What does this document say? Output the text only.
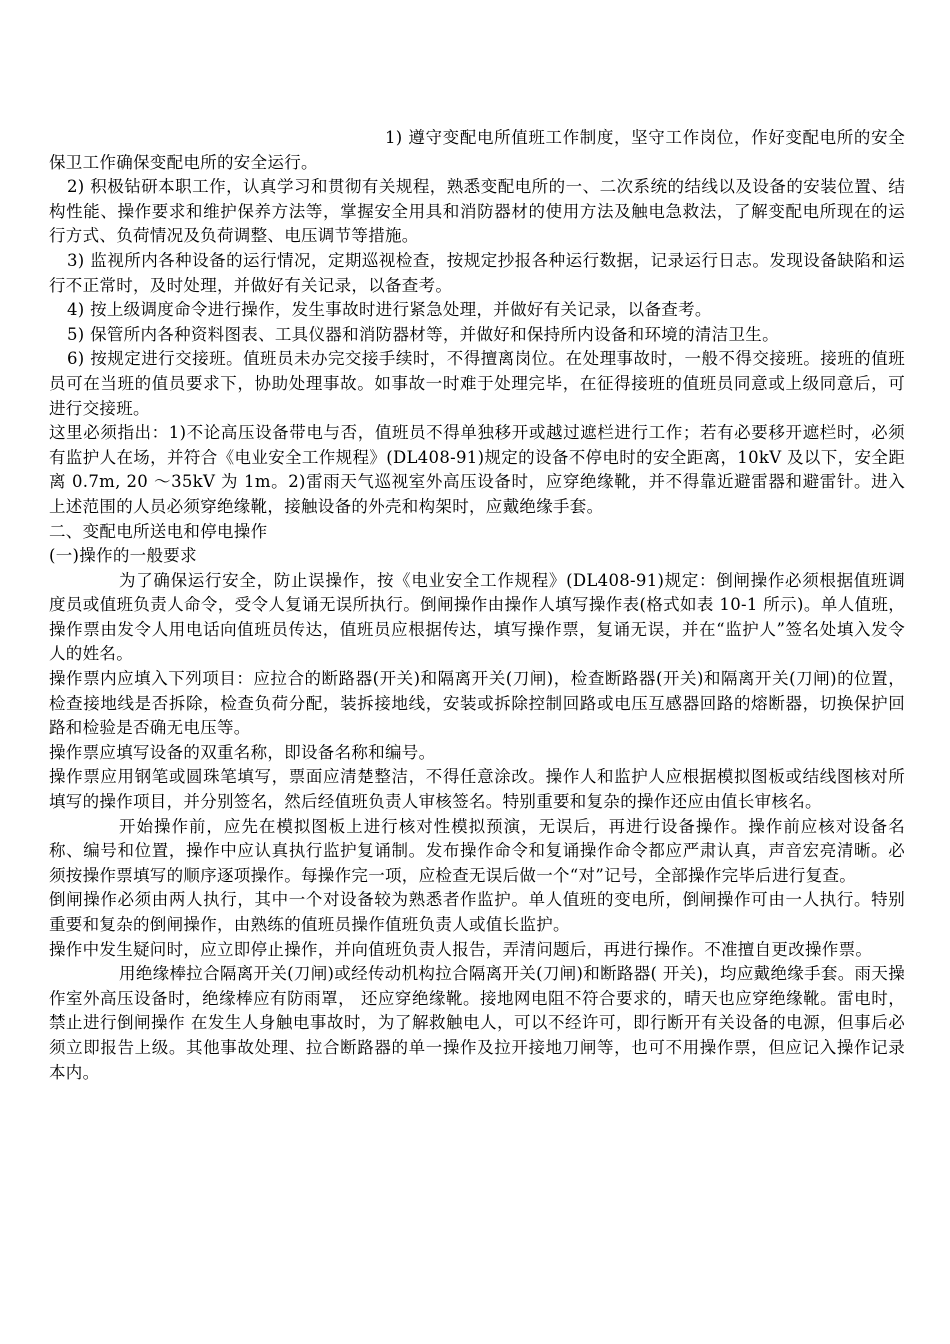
1) 遵守变配电所值班工作制度，坚守工作岗位，作好变配电所的安全保卫工作确保变配电所的安全运行。

2) 积极钻研本职工作，认真学习和贯彻有关规程，熟悉变配电所的一、二次系统的结线以及设备的安装位置、结构性能、操作要求和维护保养方法等，掌握安全用具和消防器材的使用方法及触电急救法，了解变配电所现在的运行方式、负荷情况及负荷调整、电压调节等措施。

3) 监视所内各种设备的运行情况，定期巡视检查，按规定抄报各种运行数据，记录运行日志。发现设备缺陷和运行不正常时，及时处理，并做好有关记录，以备查考。

4) 按上级调度命令进行操作，发生事故时进行紧急处理，并做好有关记录，以备查考。

5) 保管所内各种资料图表、工具仪器和消防器材等，并做好和保持所内设备和环境的清洁卫生。

6) 按规定进行交接班。值班员未办完交接手续时，不得擅离岗位。在处理事故时，一般不得交接班。接班的值班员可在当班的值员要求下，协助处理事故。如事故一时难于处理完毕，在征得接班的值班员同意或上级同意后，可进行交接班。

这里必须指出：1)不论高压设备带电与否，值班员不得单独移开或越过遮栏进行工作；若有必要移开遮栏时，必须有监护人在场，并符合《电业安全工作规程》(DL408-91)规定的设备不停电时的安全距离，10kV 及以下，安全距离 0.7m, 20 ～35kV 为 1m。2)雷雨天气巡视室外高压设备时，应穿绝缘靴，并不得靠近避雷器和避雷针。进入上述范围的人员必须穿绝缘靴，接触设备的外壳和构架时，应戴绝缘手套。

二、变配电所送电和停电操作

(一)操作的一般要求

为了确保运行安全，防止误操作，按《电业安全工作规程》(DL408-91)规定：倒闸操作必须根据值班调度员或值班负责人命令，受令人复诵无误所执行。倒闸操作由操作人填写操作表(格式如表 10-1 所示)。单人值班，操作票由发令人用电话向值班员传达，值班员应根据传达，填写操作票，复诵无误，并在“监护人”签名处填入发令人的姓名。

操作票内应填入下列项目：应拉合的断路器(开关)和隔离开关(刀闸)，检查断路器(开关)和隔离开关(刀闸)的位置，检查接地线是否拆除，检查负荷分配，装拆接地线，安装或拆除控制回路或电压互感器回路的熔断器，切换保护回路和检验是否确无电压等。

操作票应填写设备的双重名称，即设备名称和编号。

操作票应用钢笔或圆珠笔填写，票面应清楚整洁，不得任意涂改。操作人和监护人应根据模拟图板或结线图核对所填写的操作项目，并分别签名，然后经值班负责人审核签名。特别重要和复杂的操作还应由值长审核名。

开始操作前，应先在模拟图板上进行核对性模拟预演，无误后，再进行设备操作。操作前应核对设备名称、编号和位置，操作中应认真执行监护复诵制。发布操作命令和复诵操作命令都应严肃认真，声音宏亮清晰。必须按操作票填写的顺序逐项操作。每操作完一项，应检查无误后做一个“对”记号，全部操作完毕后进行复查。

倒闸操作必须由两人执行，其中一个对设备较为熟悉者作监护。单人值班的变电所，倒闸操作可由一人执行。特别重要和复杂的倒闸操作，由熟练的值班员操作值班负责人或值长监护。

操作中发生疑问时，应立即停止操作，并向值班负责人报告，弄清问题后，再进行操作。不准擅自更改操作票。

用绝缘棒拉合隔离开关(刀闸)或经传动机构拉合隔离开关(刀闸)和断路器( 开关)，均应戴绝缘手套。雨天操作室外高压设备时，绝缘棒应有防雨罩， 还应穿绝缘靴。接地网电阻不符合要求的，晴天也应穿绝缘靴。雷电时，禁止进行倒闸操作 在发生人身触电事故时，为了解救触电人，可以不经许可，即行断开有关设备的电源，但事后必须立即报告上级。其他事故处理、拉合断路器的单一操作及拉开接地刀闸等，也可不用操作票，但应记入操作记录本内。
